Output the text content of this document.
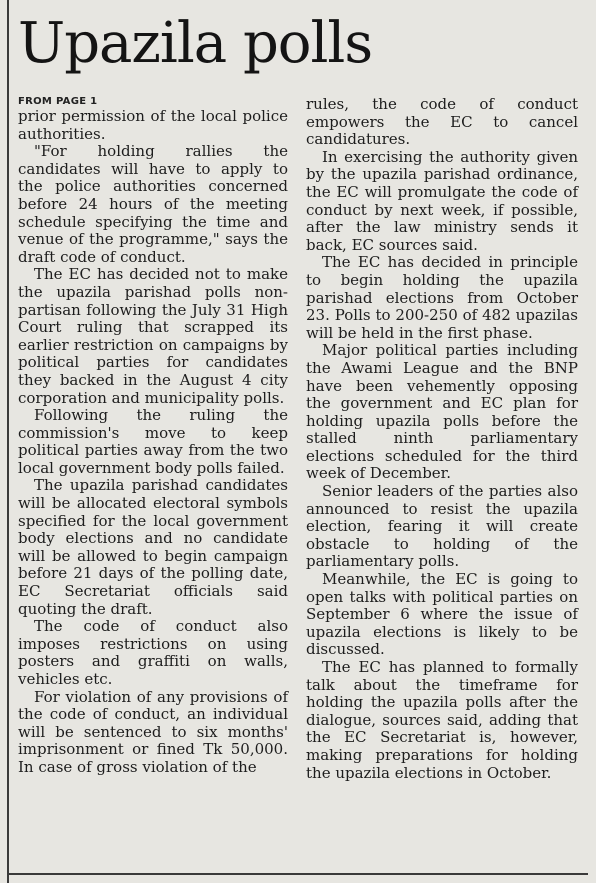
Upazila polls
FROM PAGE 1

prior permission of the local police authorities.

"For holding rallies the candidates will have to apply to the police authorities concerned before 24 hours of the meeting schedule specifying the time and venue of the programme," says the draft code of conduct.

The EC has decided not to make the upazila parishad polls non-partisan following the July 31 High Court ruling that scrapped its earlier restriction on campaigns by political parties for candidates they backed in the August 4 city corporation and municipality polls.

Following the ruling the commission's move to keep political parties away from the two local government body polls failed.

The upazila parishad candidates will be allocated electoral symbols specified for the local government body elections and no candidate will be allowed to begin campaign before 21 days of the polling date, EC Secretariat officials said quoting the draft.

The code of conduct also imposes restrictions on using posters and graffiti on walls, vehicles etc.

For violation of any provisions of the code of conduct, an individual will be sentenced to six months' imprisonment or fined Tk 50,000. In case of gross violation of the

rules, the code of conduct empowers the EC to cancel candidatures.

In exercising the authority given by the upazila parishad ordinance, the EC will promulgate the code of conduct by next week, if possible, after the law ministry sends it back, EC sources said.

The EC has decided in principle to begin holding the upazila parishad elections from October 23. Polls to 200-250 of 482 upazilas will be held in the first phase.

Major political parties including the Awami League and the BNP have been vehemently opposing the government and EC plan for holding upazila polls before the stalled ninth parliamentary elections scheduled for the third week of December.

Senior leaders of the parties also announced to resist the upazila election, fearing it will create obstacle to holding of the parliamentary polls.

Meanwhile, the EC is going to open talks with political parties on September 6 where the issue of upazila elections is likely to be discussed.

The EC has planned to formally talk about the timeframe for holding the upazila polls after the dialogue, sources said, adding that the EC Secretariat is, however, making preparations for holding the upazila elections in October.
